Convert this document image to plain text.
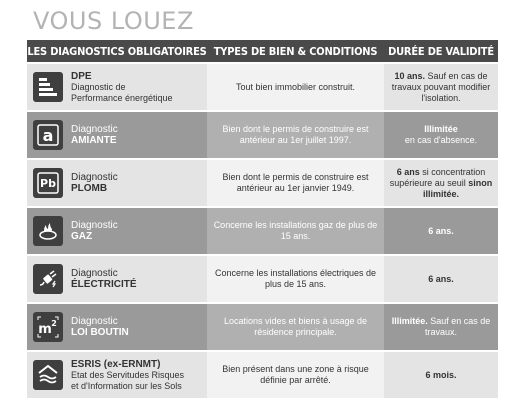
VOUS LOUEZ
LES DIAGNOSTICS OBLIGATOIRES TYPES DE BIEN & CONDITIONS DURÉE DE VALIDITÉ
DPE
Diagnostic de
Performance énergétique
Tout bien immobilier construit.
10 ans. Sauf en cas de travaux pouvant modifier l'isolation.
a Diagnostic
AMIANTE
Bien dont le permis de construire est antérieur au 1er juillet 1997.
Illimitée
en cas d'absence.
Pb Diagnostic
PLOMB
Bien dont le permis de construire est antérieur au 1er janvier 1949.
6 ans si concentration supérieure au seuil sinon illimitée.
Diagnostic
GAZ
Concerne les installations gaz de plus de 15 ans.
6 ans.
Diagnostic
ÉLECTRICITÉ
Concerne les installations électriques de plus de 15 ans.
6 ans.
m 2 Diagnostic
LOI BOUTIN
Locations vides et biens à usage de résidence principale.
Illimitée. Sauf en cas de travaux.
ESRIS (ex-ERNMT)
Etat des Servitudes Risques
et d'Information sur les Sols
Bien présent dans une zone à risque définie par arrêté.
6 mois.
